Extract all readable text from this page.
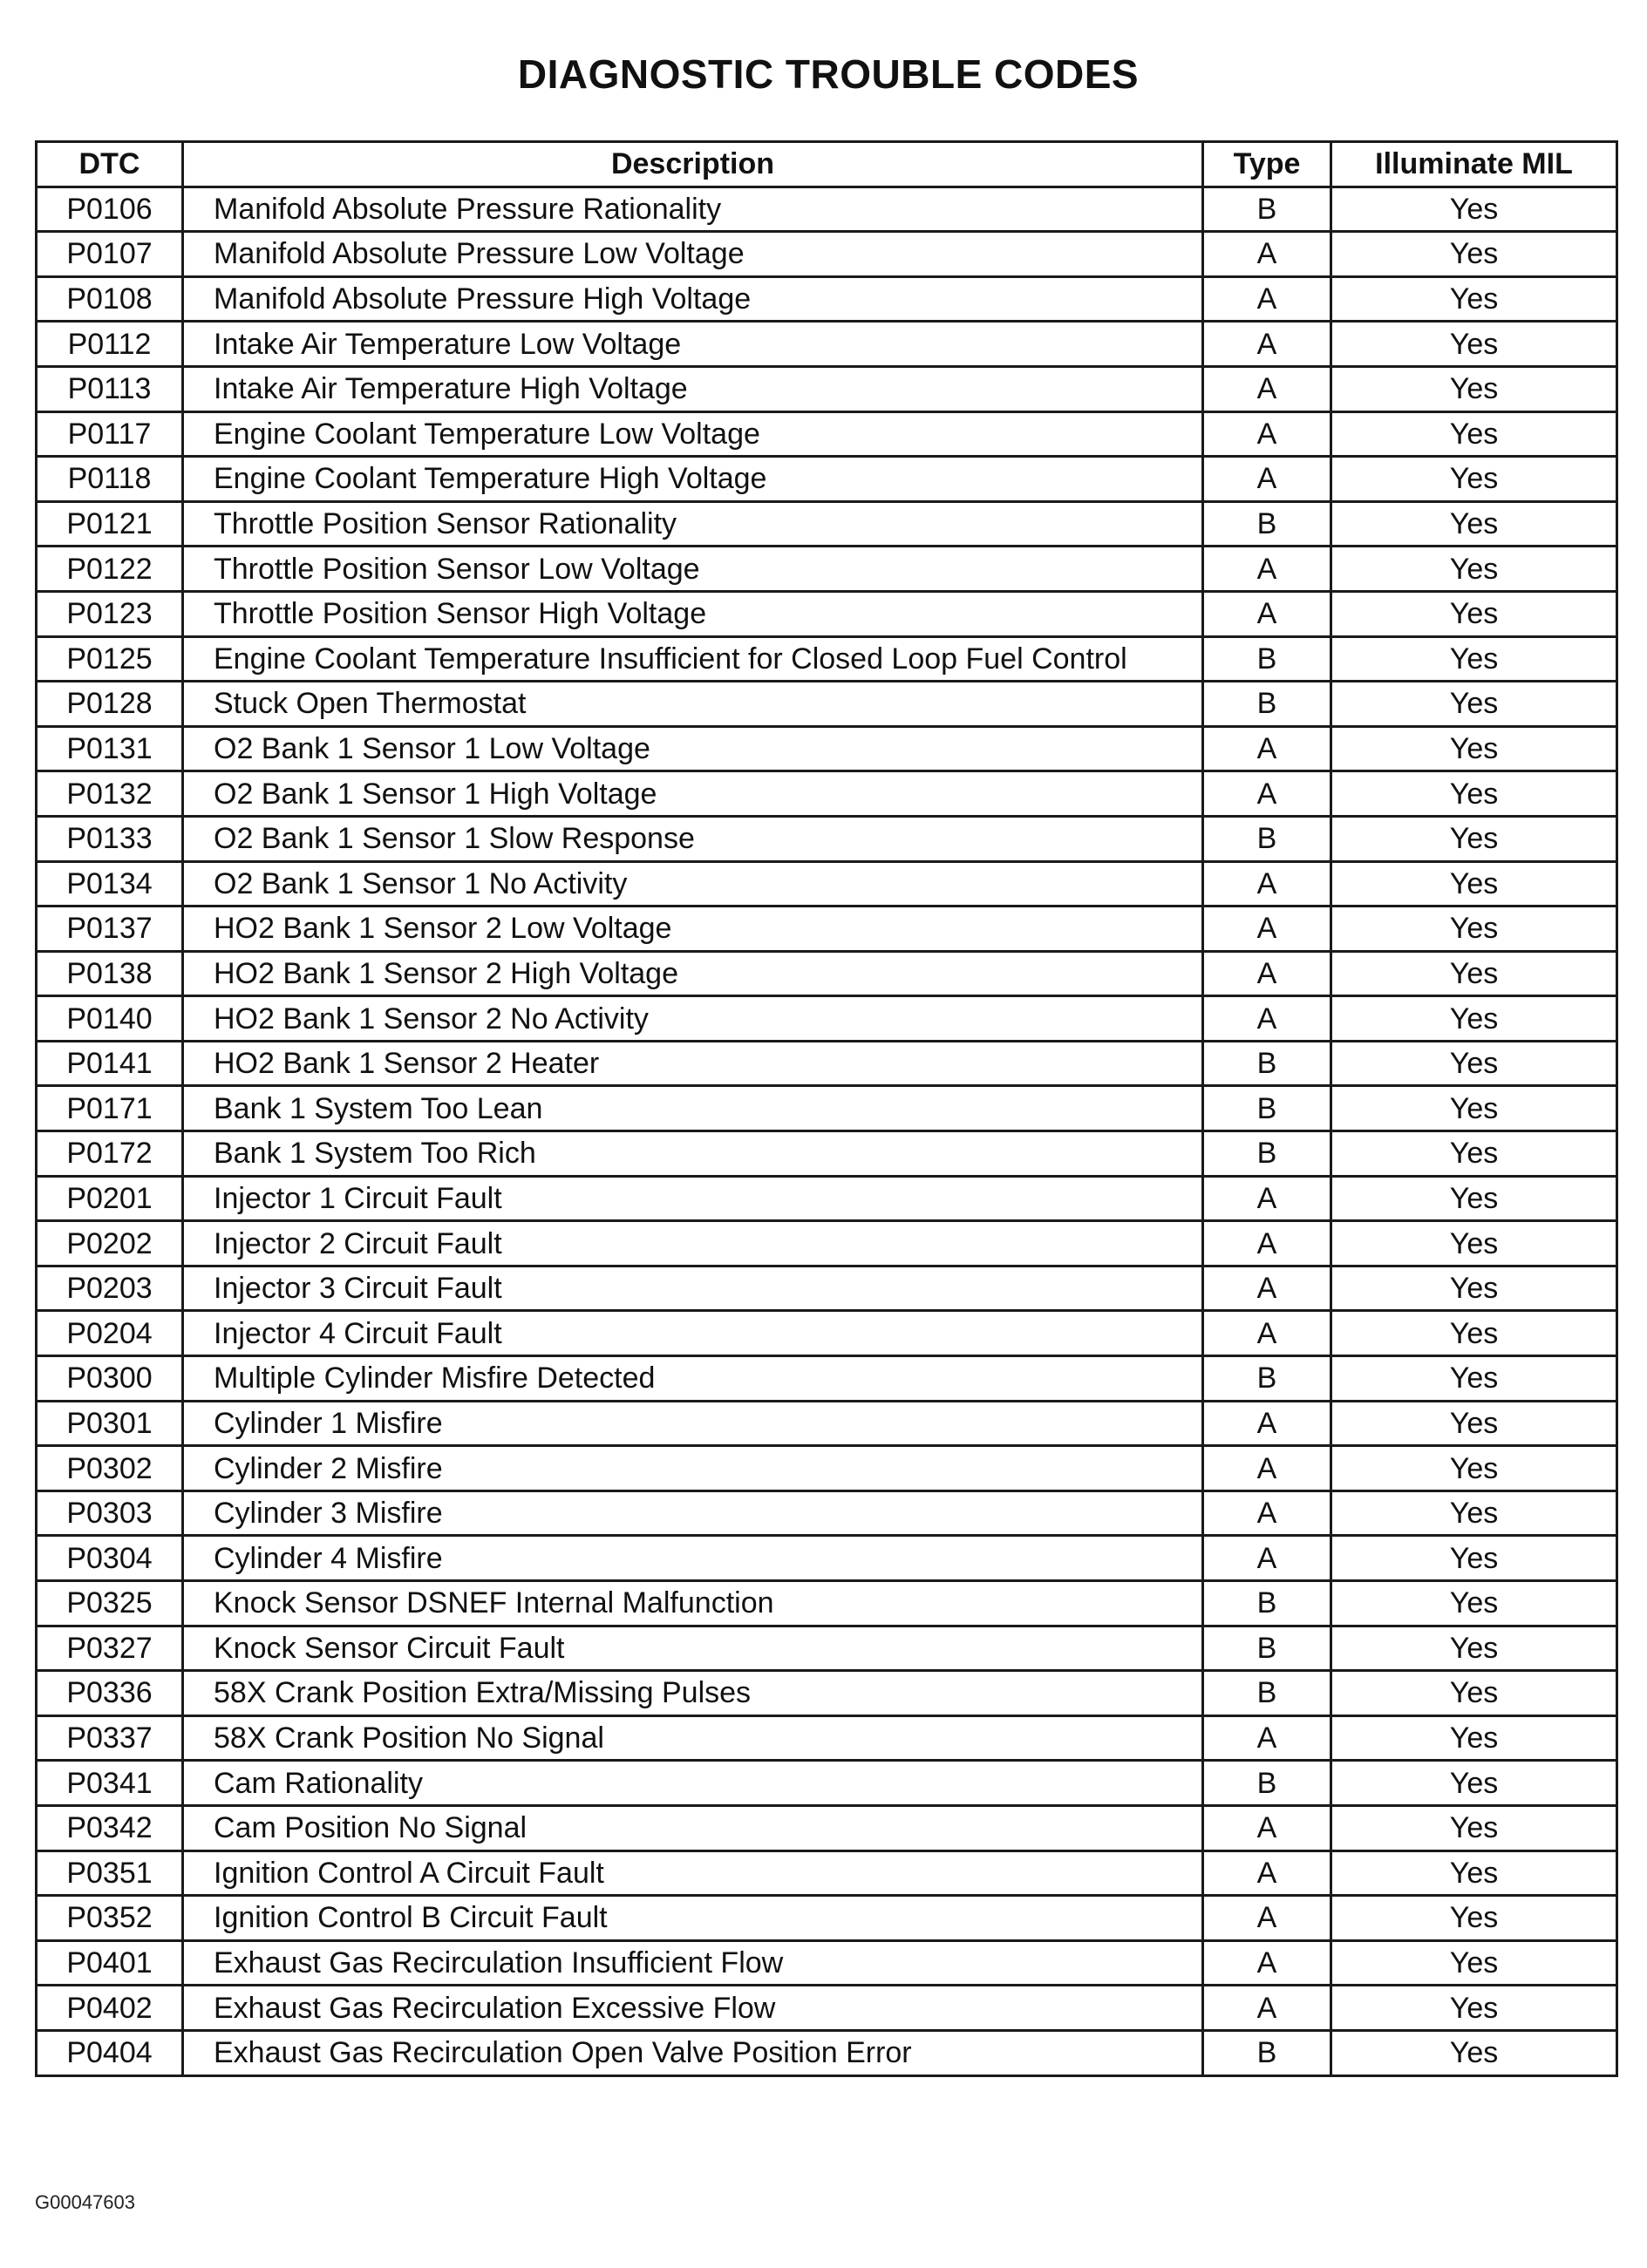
DIAGNOSTIC TROUBLE CODES
DTC	Description	Type	Illuminate MIL
P0106	Manifold Absolute Pressure Rationality	B	Yes
P0107	Manifold Absolute Pressure Low Voltage	A	Yes
P0108	Manifold Absolute Pressure High Voltage	A	Yes
P0112	Intake Air Temperature Low Voltage	A	Yes
P0113	Intake Air Temperature High Voltage	A	Yes
P0117	Engine Coolant Temperature Low Voltage	A	Yes
P0118	Engine Coolant Temperature High Voltage	A	Yes
P0121	Throttle Position Sensor Rationality	B	Yes
P0122	Throttle Position Sensor Low Voltage	A	Yes
P0123	Throttle Position Sensor High Voltage	A	Yes
P0125	Engine Coolant Temperature Insufficient for Closed Loop Fuel Control	B	Yes
P0128	Stuck Open Thermostat	B	Yes
P0131	O2 Bank 1 Sensor 1 Low Voltage	A	Yes
P0132	O2 Bank 1 Sensor 1 High Voltage	A	Yes
P0133	O2 Bank 1 Sensor 1 Slow Response	B	Yes
P0134	O2 Bank 1 Sensor 1 No Activity	A	Yes
P0137	HO2 Bank 1 Sensor 2 Low Voltage	A	Yes
P0138	HO2 Bank 1 Sensor 2 High Voltage	A	Yes
P0140	HO2 Bank 1 Sensor 2 No Activity	A	Yes
P0141	HO2 Bank 1 Sensor 2 Heater	B	Yes
P0171	Bank 1 System Too Lean	B	Yes
P0172	Bank 1 System Too Rich	B	Yes
P0201	Injector 1 Circuit Fault	A	Yes
P0202	Injector 2 Circuit Fault	A	Yes
P0203	Injector 3 Circuit Fault	A	Yes
P0204	Injector 4 Circuit Fault	A	Yes
P0300	Multiple Cylinder Misfire Detected	B	Yes
P0301	Cylinder 1 Misfire	A	Yes
P0302	Cylinder 2 Misfire	A	Yes
P0303	Cylinder 3 Misfire	A	Yes
P0304	Cylinder 4 Misfire	A	Yes
P0325	Knock Sensor DSNEF Internal Malfunction	B	Yes
P0327	Knock Sensor Circuit Fault	B	Yes
P0336	58X Crank Position Extra/Missing Pulses	B	Yes
P0337	58X Crank Position No Signal	A	Yes
P0341	Cam Rationality	B	Yes
P0342	Cam Position No Signal	A	Yes
P0351	Ignition Control A Circuit Fault	A	Yes
P0352	Ignition Control B Circuit Fault	A	Yes
P0401	Exhaust Gas Recirculation Insufficient Flow	A	Yes
P0402	Exhaust Gas Recirculation Excessive Flow	A	Yes
P0404	Exhaust Gas Recirculation Open Valve Position Error	B	Yes
G00047603
